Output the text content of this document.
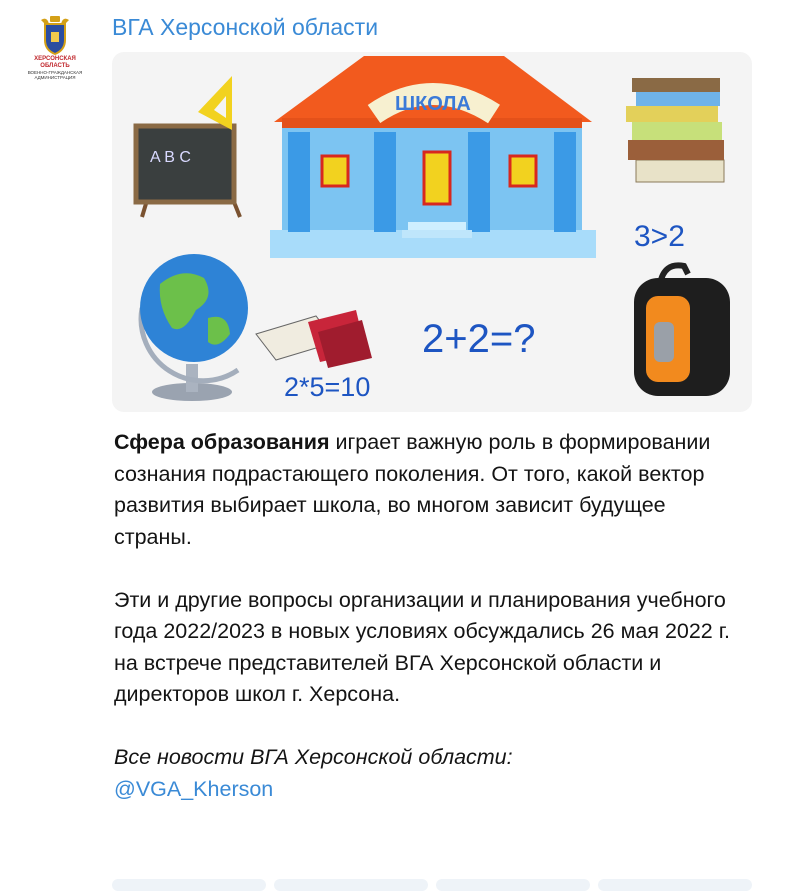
ХЕРСОНСКАЯ ОБЛАСТЬ
ВОЕННО-ГРАЖДАНСКАЯ АДМИНИСТРАЦИЯ
ВГА Херсонской области
A B C
ШКОЛА
3>2
2*5=10
2+2=?

Сфера образования играет важную роль в формировании сознания подрастающего поколения. От того, какой вектор развития выбирает школа, во многом зависит будущее страны.

Эти и другие вопросы организации и планирования учебного года 2022/2023 в новых условиях обсуждались 26 мая 2022 г. на встрече представителей ВГА Херсонской области и директоров школ г. Херсона.

Все новости ВГА Херсонской области:
@VGA_Kherson
